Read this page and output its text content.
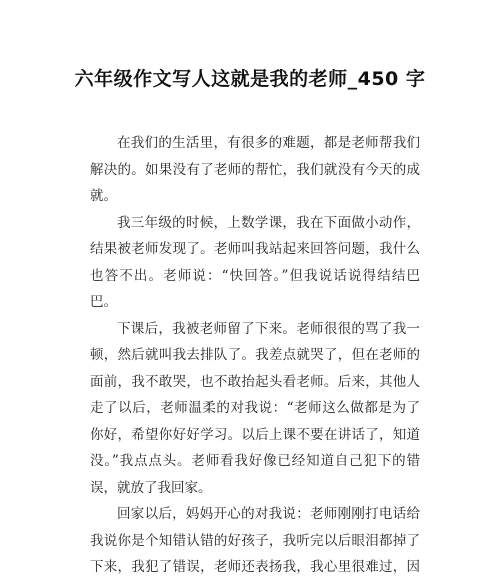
六年级作文写人这就是我的老师_450 字
在我们的生活里，有很多的难题，都是老师帮我们
解决的。如果没有了老师的帮忙，我们就没有今天的成
就。
我三年级的时候，上数学课，我在下面做小动作，
结果被老师发现了。老师叫我站起来回答问题，我什么
也答不出。老师说：“快回答。”但我说话说得结结巴
巴。
下课后，我被老师留了下来。老师很很的骂了我一
顿，然后就叫我去排队了。我差点就哭了，但在老师的
面前，我不敢哭，也不敢抬起头看老师。后来，其他人
走了以后，老师温柔的对我说：“老师这么做都是为了
你好，希望你好好学习。以后上课不要在讲话了，知道
没。”我点点头。老师看我好像已经知道自己犯下的错
误，就放了我回家。
回家以后，妈妈开心的对我说：老师刚刚打电话给
我说你是个知错认错的好孩子，我听完以后眼泪都掉了
下来，我犯了错误，老师还表扬我，我心里很难过，因
